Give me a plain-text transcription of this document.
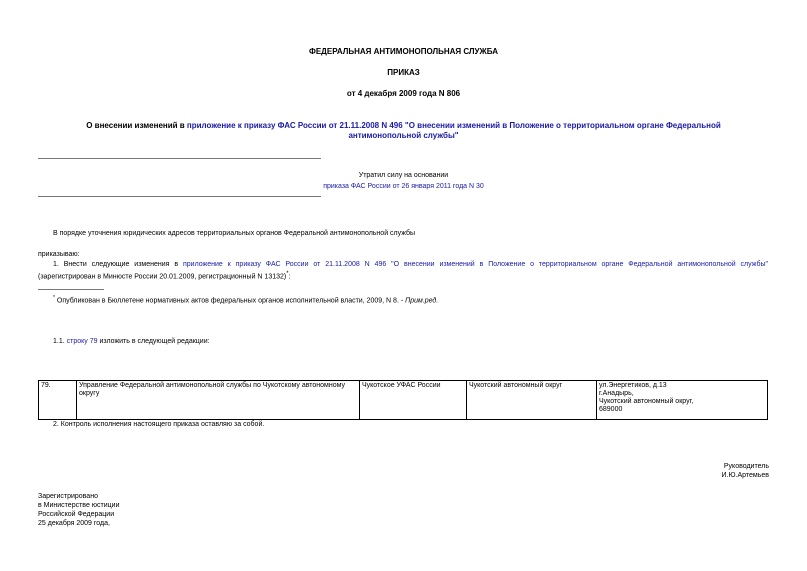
ФЕДЕРАЛЬНАЯ АНТИМОНОПОЛЬНАЯ СЛУЖБА
ПРИКАЗ
от 4 декабря 2009 года N 806
О внесении изменений в приложение к приказу ФАС России от 21.11.2008 N 496 "О внесении изменений в Положение о территориальном органе Федеральной
антимонопольной службы"
Утратил силу на основании
приказа ФАС России от 26 января 2011 года N 30
В порядке уточнения юридических адресов территориальных органов Федеральной антимонопольной службы
приказываю:
1. Внести следующие изменения в приложение к приказу ФАС России от 21.11.2008 N 496 "О внесении изменений в Положение о территориальном органе Федеральной антимонопольной службы"
(зарегистрирован в Минюсте России 20.01.2009, регистрационный N 13132)*:
* Опубликован в Бюллетене нормативных актов федеральных органов исполнительной власти, 2009, N 8. - Прим.ред.
1.1. строку 79 изложить в следующей редакции:
79.	Управление Федеральной антимонопольной службы по Чукотскому автономному округу	Чукотское УФАС России	Чукотский автономный округ	ул.Энергетиков, д.13
г.Анадырь,
Чукотский автономный округ,
689000
2. Контроль исполнения настоящего приказа оставляю за собой.
Руководитель
И.Ю.Артемьев
Зарегистрировано
в Министерстве юстиции
Российской Федерации
25 декабря 2009 года,
